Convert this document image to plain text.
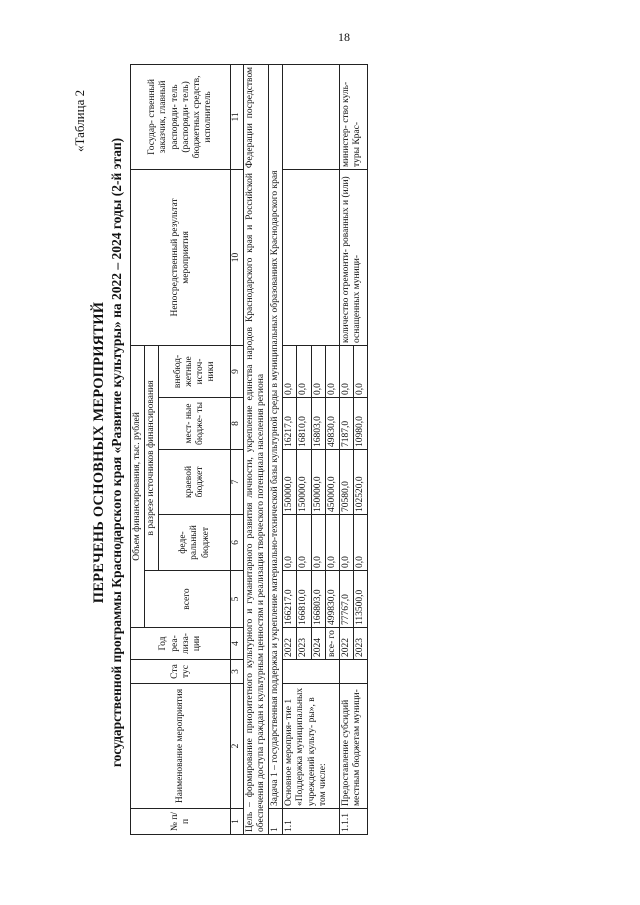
18
«Таблица 2
ПЕРЕЧЕНЬ ОСНОВНЫХ МЕРОПРИЯТИЙ государственной программы Краснодарского края «Развитие культуры» на 2022 – 2024 годы (2-й этап)
№ п/п	Наименование мероприятия	Ста тус	Год реа- лиза- ции	Объем финансирования, тыс. рублей					Непосредственный результат мероприятия	Государ- ственный заказчик, главный распоряди- тель (распоряди- тель) бюджетных средств, исполнитель
				всего	в разрезе источников финансирования					
					феде- ральный бюджет	краевой бюджет	мест- ные бюдже- ты	внебюд- жетные источ- ники		
1	2	3	4	5	6	7	8	9	10	11
Цель – формирование приоритетного культурного и гуманитарного развития личности, укрепление единства народов Краснодарского края и Российской Федерации посредством обеспечения доступа граждан к культурным ценностям и реализация творческого потенциала населения региона										
1	Задача 1 – государственная поддержка и укрепление материально-технической базы культурной среды в муниципальных образованиях Краснодарского края									
1.1	Основное мероприя- тие 1 «Поддержка муниципальных учреждений культу- ры», в том числе:		2022	166217,0	0,0	150000,0	16217,0	0,0		
			2023	166810,0	0,0	150000,0	16810,0	0,0		
			2024	166803,0	0,0	150000,0	16803,0	0,0		
			все- го	499830,0	0,0	450000,0	49830,0	0,0		
1.1.1	Предоставление субсидий местным бюджетам муници-		2022	77767,0	0,0	70580,0	7187,0	0,0	количество отремонти- рованных и (или) оснащенных муници-	министер- ство куль- туры Крас-
			2023	113500,0	0,0	102520,0	10980,0	0,0		
